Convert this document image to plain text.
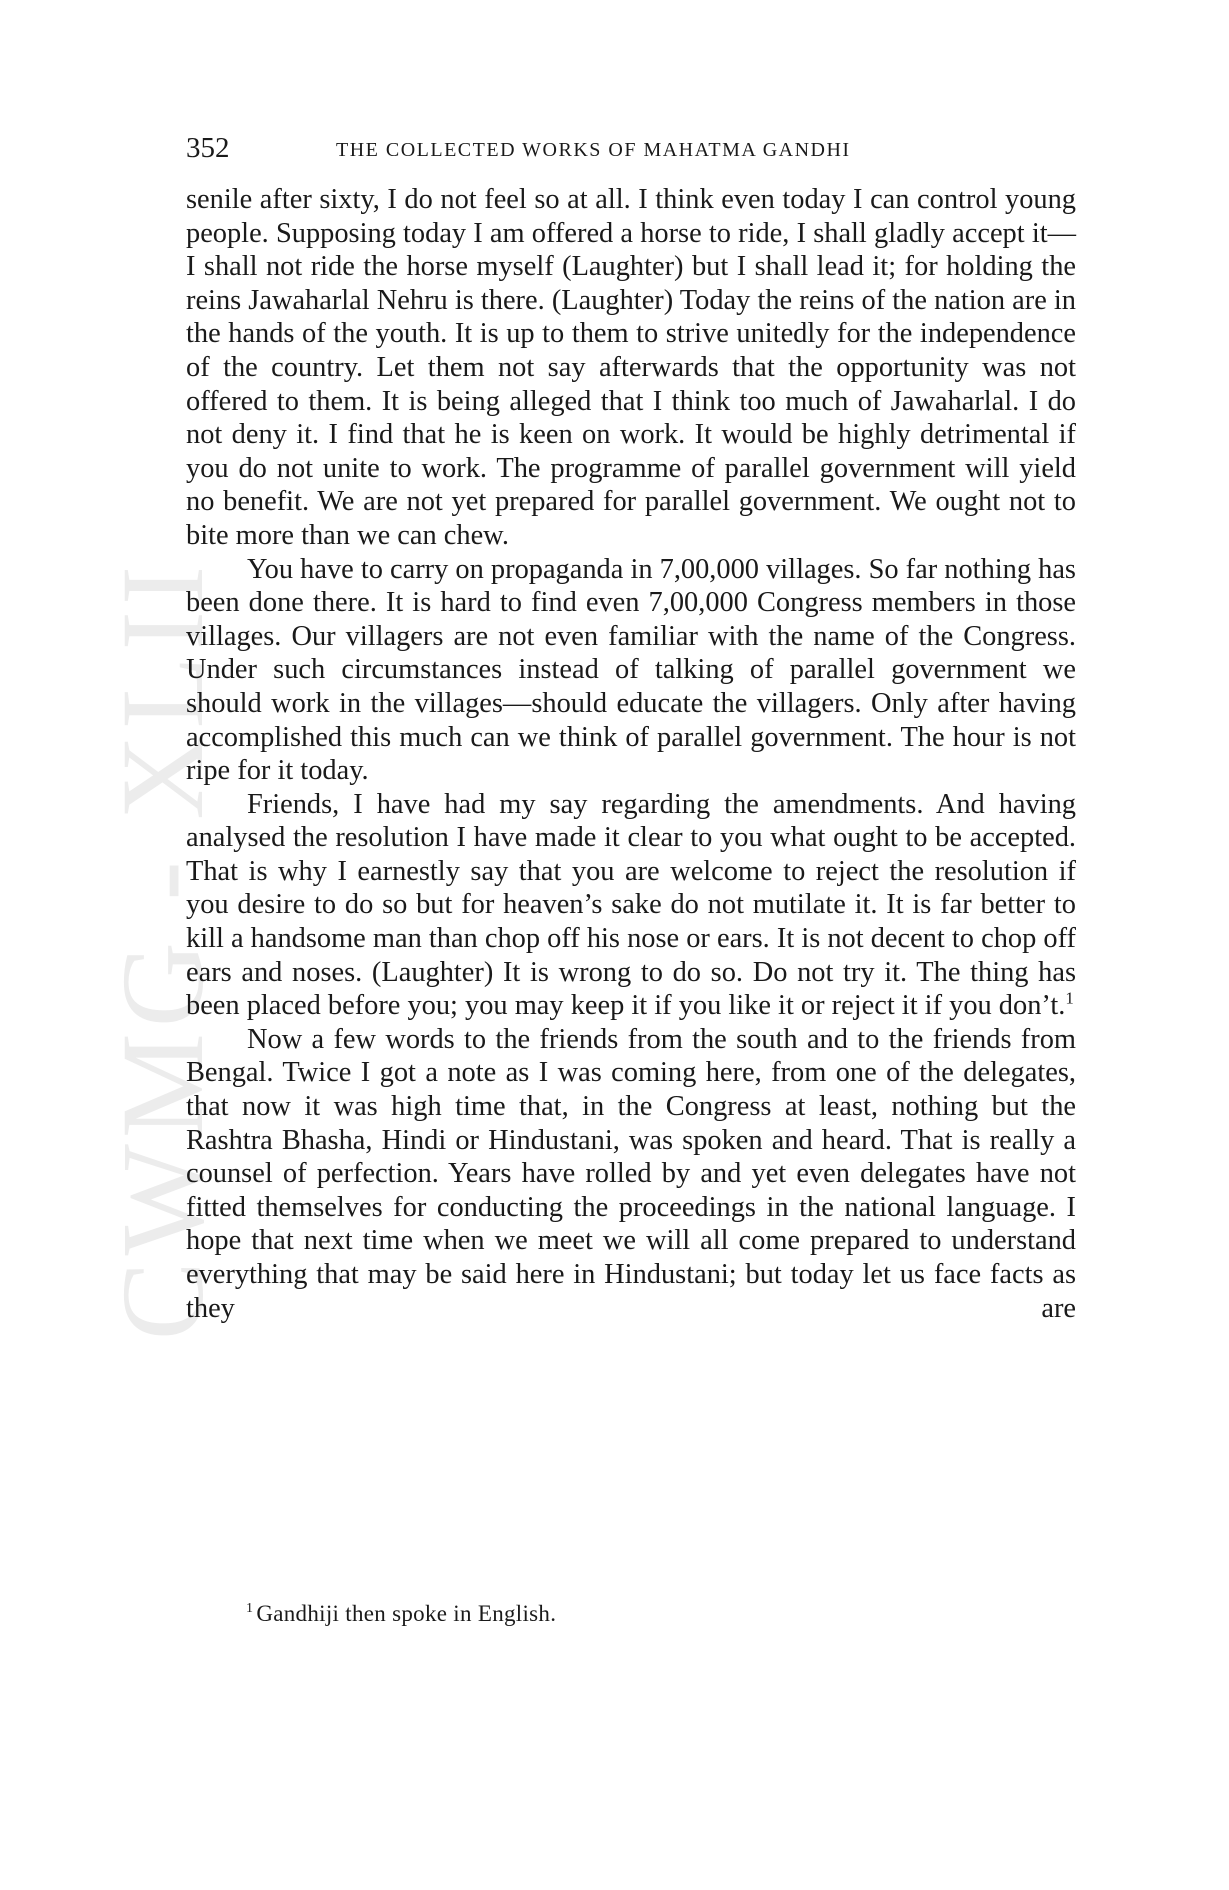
CWMG - XLII
352	THE COLLECTED WORKS OF MAHATMA GANDHI

senile after sixty, I do not feel so at all. I think even today I can control young people. Supposing today I am offered a horse to ride, I shall gladly accept it—I shall not ride the horse myself (Laughter) but I shall lead it; for holding the reins Jawaharlal Nehru is there. (Laughter) Today the reins of the nation are in the hands of the youth. It is up to them to strive unitedly for the independence of the country. Let them not say afterwards that the opportunity was not offered to them. It is being alleged that I think too much of Jawaharlal. I do not deny it. I find that he is keen on work. It would be highly detrimental if you do not unite to work. The programme of parallel government will yield no benefit. We are not yet prepared for parallel government. We ought not to bite more than we can chew.

You have to carry on propaganda in 7,00,000 villages. So far nothing has been done there. It is hard to find even 7,00,000 Congress members in those villages. Our villagers are not even familiar with the name of the Congress. Under such circumstances instead of talking of parallel government we should work in the villages—should educate the villagers. Only after having accomplished this much can we think of parallel government. The hour is not ripe for it today.

Friends, I have had my say regarding the amendments. And having analysed the resolution I have made it clear to you what ought to be accepted. That is why I earnestly say that you are welcome to reject the resolution if you desire to do so but for heaven’s sake do not mutilate it. It is far better to kill a handsome man than chop off his nose or ears. It is not decent to chop off ears and noses. (Laughter) It is wrong to do so. Do not try it. The thing has been placed before you; you may keep it if you like it or reject it if you don’t.$^1$

Now a few words to the friends from the south and to the friends from Bengal. Twice I got a note as I was coming here, from one of the delegates, that now it was high time that, in the Congress at least, nothing but the Rashtra Bhasha, Hindi or Hindustani, was spoken and heard. That is really a counsel of perfection. Years have rolled by and yet even delegates have not fitted themselves for conducting the proceedings in the national language. I hope that next time when we meet we will all come prepared to understand everything that may be said here in Hindustani; but today let us face facts as they are

$^1$ Gandhiji then spoke in English.
